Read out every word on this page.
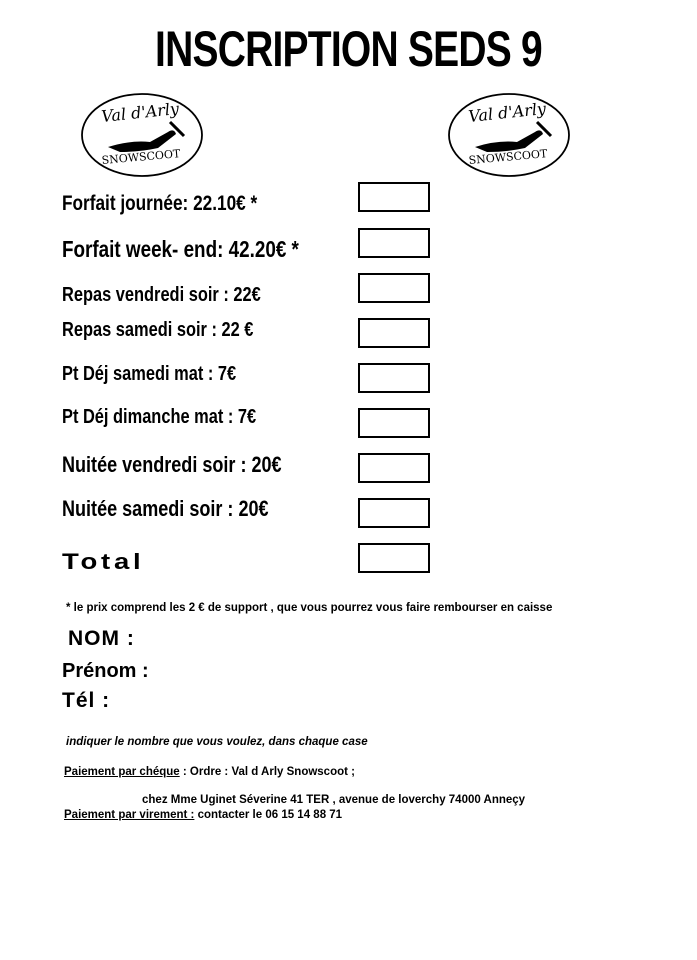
INSCRIPTION SEDS 9
Val d'Arly
SNOWSCOOT
Val d'Arly
SNOWSCOOT
Forfait journée: 22.10€ *
Forfait week- end: 42.20€ *
Repas vendredi soir : 22€
Repas samedi soir : 22 €
Pt Déj samedi mat : 7€
Pt Déj dimanche mat : 7€
Nuitée vendredi soir : 20€
Nuitée samedi soir : 20€
Total
* le prix comprend les 2 € de support , que vous pourrez vous faire rembourser en caisse
NOM :
Prénom :
Tél :
indiquer le nombre que vous voulez, dans chaque case
Paiement par chéque : Ordre : Val d Arly Snowscoot ;
chez Mme Uginet Séverine 41 TER , avenue de loverchy 74000 Anneçy
Paiement par virement : contacter le 06 15 14 88 71
